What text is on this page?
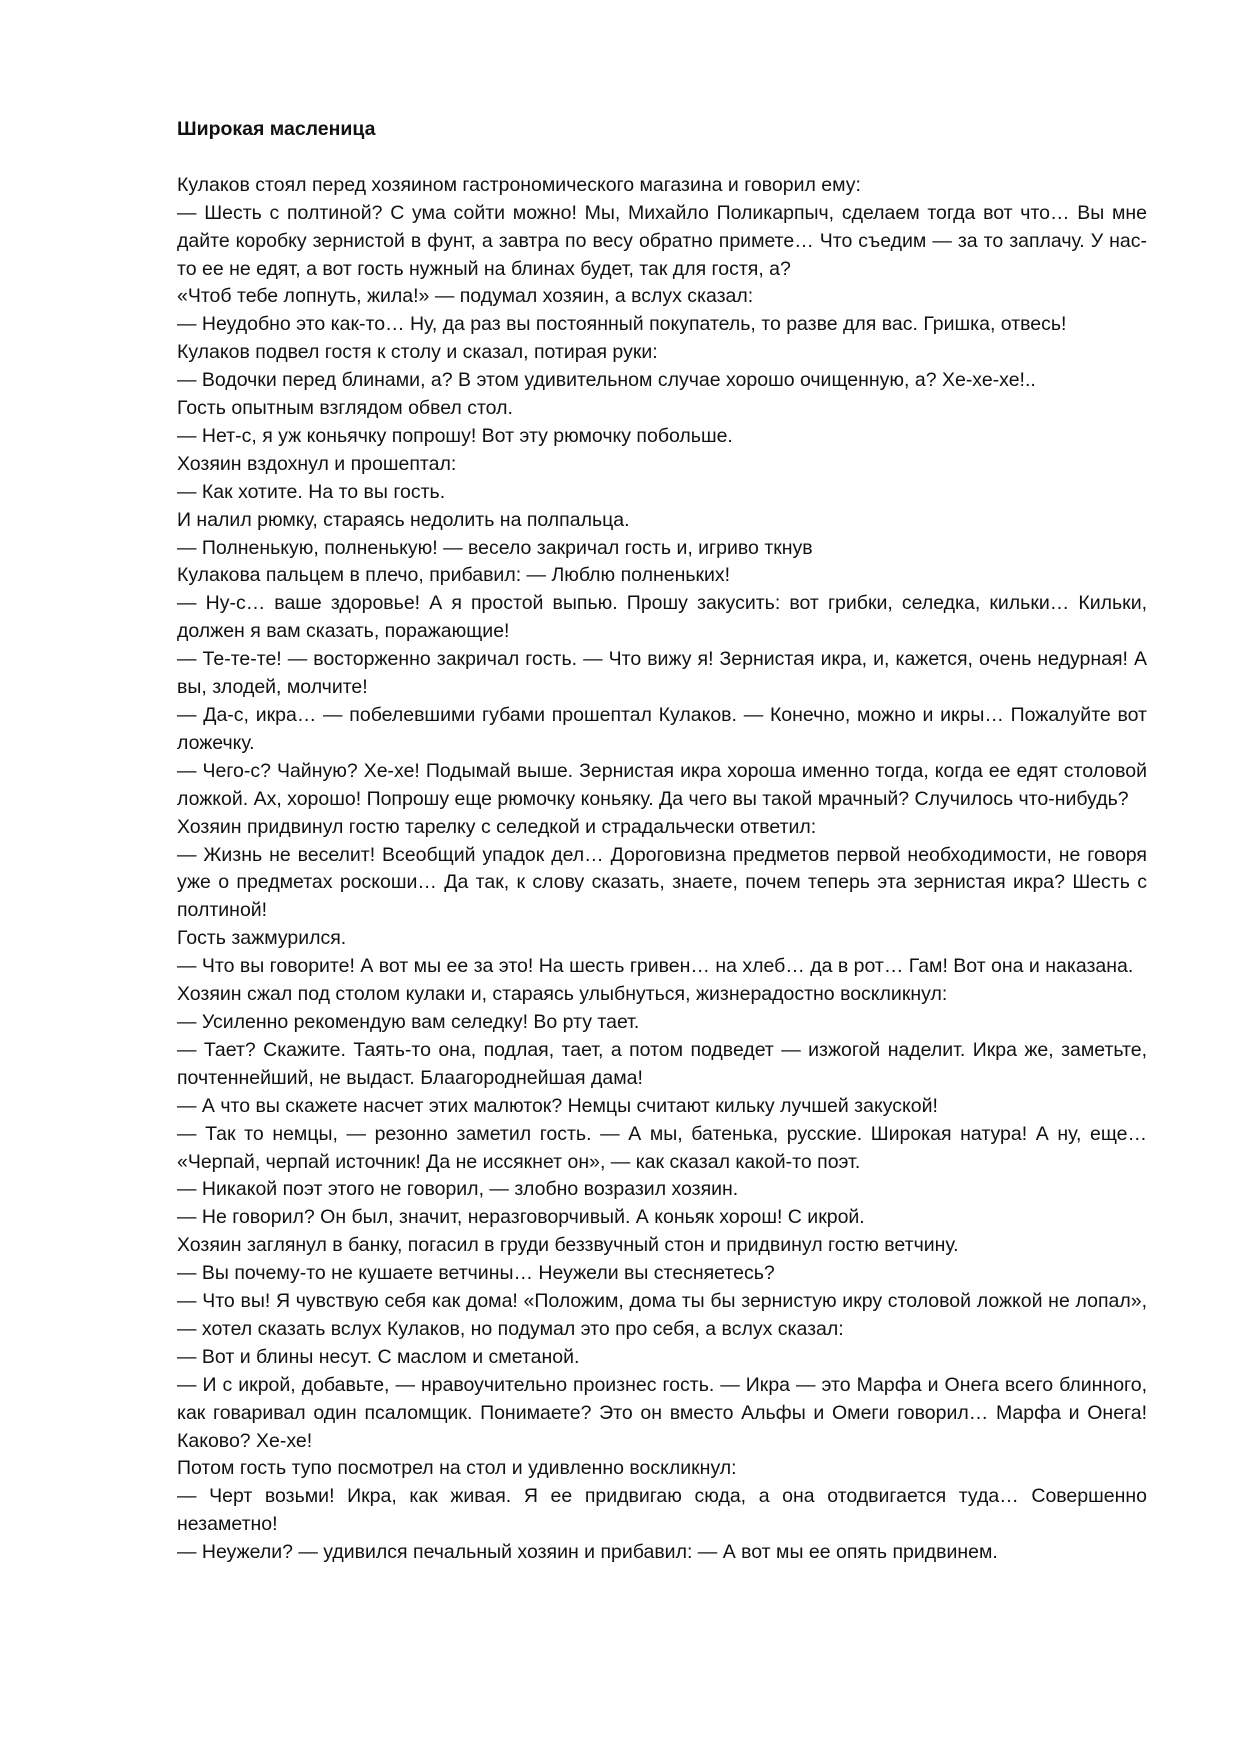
Широкая масленица

Кулаков стоял перед хозяином гастрономического магазина и говорил ему:

— Шесть с полтиной? С ума сойти можно! Мы, Михайло Поликарпыч, сделаем тогда вот что… Вы мне дайте коробку зернистой в фунт, а завтра по весу обратно примете… Что съедим — за то заплачу. У нас-то ее не едят, а вот гость нужный на блинах будет, так для гостя, а?

«Чтоб тебе лопнуть, жила!» — подумал хозяин, а вслух сказал:

— Неудобно это как-то… Ну, да раз вы постоянный покупатель, то разве для вас. Гришка, отвесь!

Кулаков подвел гостя к столу и сказал, потирая руки:

— Водочки перед блинами, а? В этом удивительном случае хорошо очищенную, а? Хе-хе-хе!..

Гость опытным взглядом обвел стол.

— Нет-с, я уж коньячку попрошу! Вот эту рюмочку побольше.

Хозяин вздохнул и прошептал:

— Как хотите. На то вы гость.

И налил рюмку, стараясь недолить на полпальца.

— Полненькую, полненькую! — весело закричал гость и, игриво ткнув

Кулакова пальцем в плечо, прибавил: — Люблю полненьких!

— Ну-с… ваше здоровье! А я простой выпью. Прошу закусить: вот грибки, селедка, кильки… Кильки, должен я вам сказать, поражающие!

— Те-те-те! — восторженно закричал гость. — Что вижу я! Зернистая икра, и, кажется, очень недурная! А вы, злодей, молчите!

— Да-с, икра… — побелевшими губами прошептал Кулаков. — Конечно, можно и икры… Пожалуйте вот ложечку.

— Чего-с? Чайную? Хе-хе! Подымай выше. Зернистая икра хороша именно тогда, когда ее едят столовой ложкой. Ах, хорошо! Попрошу еще рюмочку коньяку. Да чего вы такой мрачный? Случилось что-нибудь?

Хозяин придвинул гостю тарелку с селедкой и страдальчески ответил:

— Жизнь не веселит! Всеобщий упадок дел… Дороговизна предметов первой необходимости, не говоря уже о предметах роскоши… Да так, к слову сказать, знаете, почем теперь эта зернистая икра? Шесть с полтиной!

Гость зажмурился.

— Что вы говорите! А вот мы ее за это! На шесть гривен… на хлеб… да в рот… Гам! Вот она и наказана.

Хозяин сжал под столом кулаки и, стараясь улыбнуться, жизнерадостно воскликнул:

— Усиленно рекомендую вам селедку! Во рту тает.

— Тает? Скажите. Таять-то она, подлая, тает, а потом подведет — изжогой наделит. Икра же, заметьте, почтеннейший, не выдаст. Блаагороднейшая дама!

— А что вы скажете насчет этих малюток? Немцы считают кильку лучшей закуской!

— Так то немцы, — резонно заметил гость. — А мы, батенька, русские. Широкая натура! А ну, еще… «Черпай, черпай источник! Да не иссякнет он», — как сказал какой-то поэт.

— Никакой поэт этого не говорил, — злобно возразил хозяин.

— Не говорил? Он был, значит, неразговорчивый. А коньяк хорош! С икрой.

Хозяин заглянул в банку, погасил в груди беззвучный стон и придвинул гостю ветчину.

— Вы почему-то не кушаете ветчины… Неужели вы стесняетесь?

— Что вы! Я чувствую себя как дома! «Положим, дома ты бы зернистую икру столовой ложкой не лопал», — хотел сказать вслух Кулаков, но подумал это про себя, а вслух сказал:

— Вот и блины несут. С маслом и сметаной.

— И с икрой, добавьте, — нравоучительно произнес гость. — Икра — это Марфа и Онега всего блинного, как говаривал один псаломщик. Понимаете? Это он вместо Альфы и Омеги говорил… Марфа и Онега! Каково? Хе-хе!

Потом гость тупо посмотрел на стол и удивленно воскликнул:

— Черт возьми! Икра, как живая. Я ее придвигаю сюда, а она отодвигается туда… Совершенно незаметно!

— Неужели? — удивился печальный хозяин и прибавил: — А вот мы ее опять придвинем.
